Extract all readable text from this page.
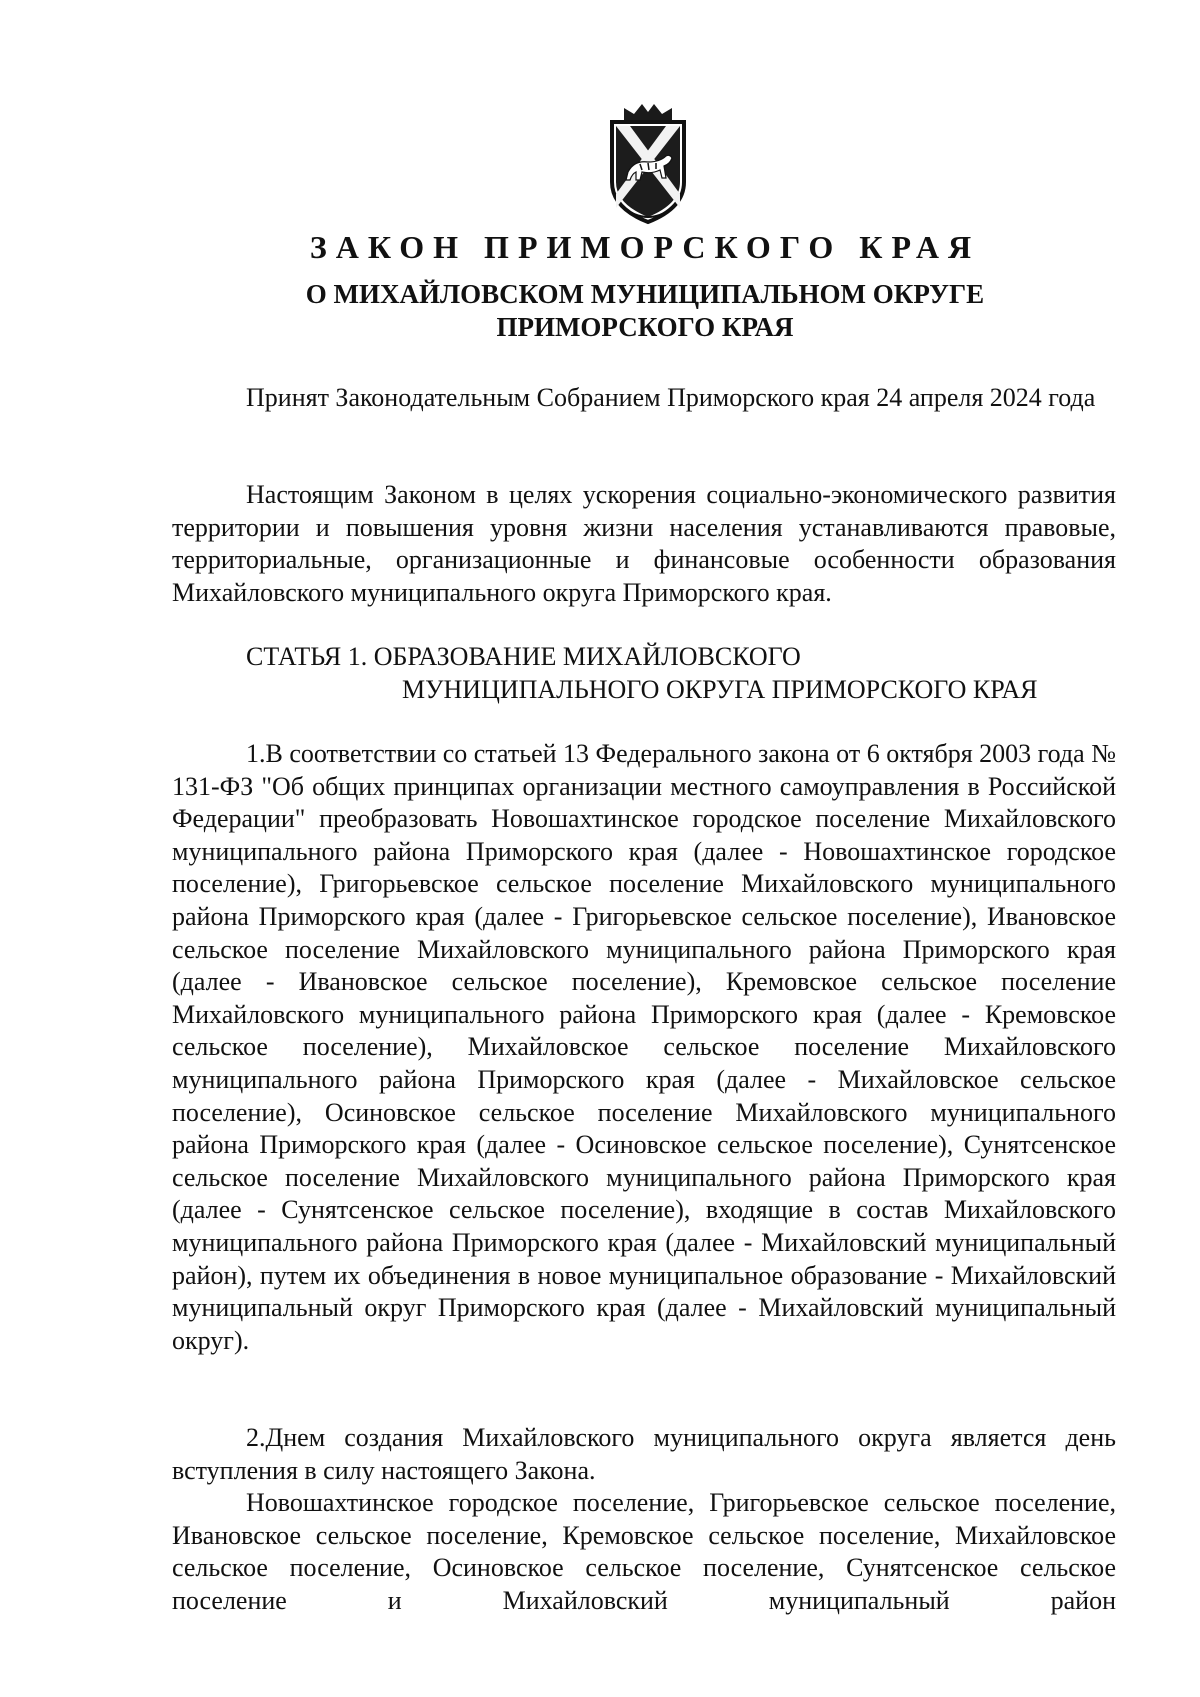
ЗАКОН ПРИМОРСКОГО КРАЯ
О МИХАЙЛОВСКОМ МУНИЦИПАЛЬНОМ ОКРУГЕ
ПРИМОРСКОГО КРАЯ

Принят Законодательным Собранием Приморского края 24 апреля 2024 года

Настоящим Законом в целях ускорения социально-экономического развития территории и повышения уровня жизни населения устанавливаются правовые, территориальные, организационные и финансовые особенности образования Михайловского муниципального округа Приморского края.

СТАТЬЯ 1. ОБРАЗОВАНИЕ МИХАЙЛОВСКОГО
МУНИЦИПАЛЬНОГО ОКРУГА ПРИМОРСКОГО КРАЯ

1.В соответствии со статьей 13 Федерального закона от 6 октября 2003 года № 131-ФЗ "Об общих принципах организации местного самоуправления в Российской Федерации" преобразовать Новошахтинское городское поселение Михайловского муниципального района Приморского края (далее - Новошахтинское городское поселение), Григорьевское сельское поселение Михайловского муниципального района Приморского края (далее - Григорьевское сельское поселение), Ивановское сельское поселение Михайловского муниципального района Приморского края (далее - Ивановское сельское поселение), Кремовское сельское поселение Михайловского муниципального района Приморского края (далее - Кремовское сельское поселение), Михайловское сельское поселение Михайловского муниципального района Приморского края (далее - Михайловское сельское поселение), Осиновское сельское поселение Михайловского муниципального района Приморского края (далее - Осиновское сельское поселение), Сунятсенское сельское поселение Михайловского муниципального района Приморского края (далее - Сунятсенское сельское поселение), входящие в состав Михайловского муниципального района Приморского края (далее - Михайловский муниципальный район), путем их объединения в новое муниципальное образование - Михайловский муниципальный округ Приморского края (далее - Михайловский муниципальный округ).

2.Днем создания Михайловского муниципального округа является день вступления в силу настоящего Закона.

Новошахтинское городское поселение, Григорьевское сельское поселение, Ивановское сельское поселение, Кремовское сельское поселение, Михайловское сельское поселение, Осиновское сельское поселение, Сунятсенское сельское поселение и Михайловский муниципальный район
